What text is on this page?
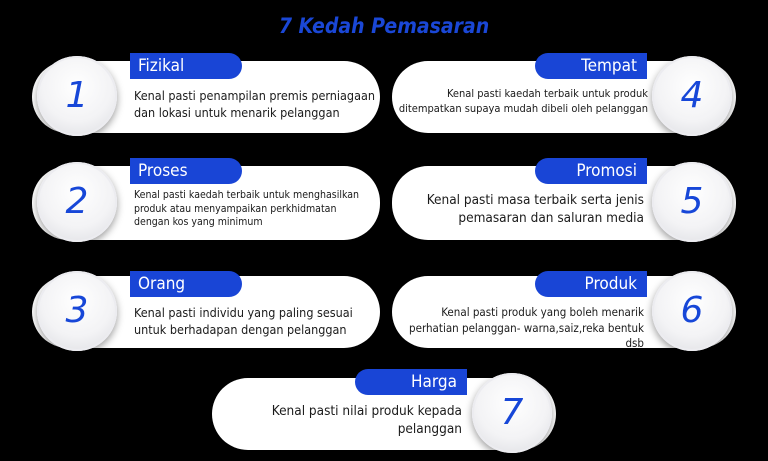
7 Kedah Pemasaran
1
Fizikal
Kenal pasti penampilan premis perniagaan dan lokasi untuk menarik pelanggan
2
Proses
Kenal pasti kaedah terbaik untuk menghasilkan produk atau menyampaikan perkhidmatan dengan kos yang minimum
3
Orang
Kenal pasti individu yang paling sesuai untuk berhadapan dengan pelanggan
4
Tempat
Kenal pasti kaedah terbaik untuk produk ditempatkan supaya mudah dibeli oleh pelanggan
5
Promosi
Kenal pasti masa terbaik serta jenis pemasaran dan saluran media
6
Produk
Kenal pasti produk yang boleh menarik perhatian pelanggan- warna,saiz,reka bentuk dsb
7
Harga
Kenal pasti nilai produk kepada pelanggan
